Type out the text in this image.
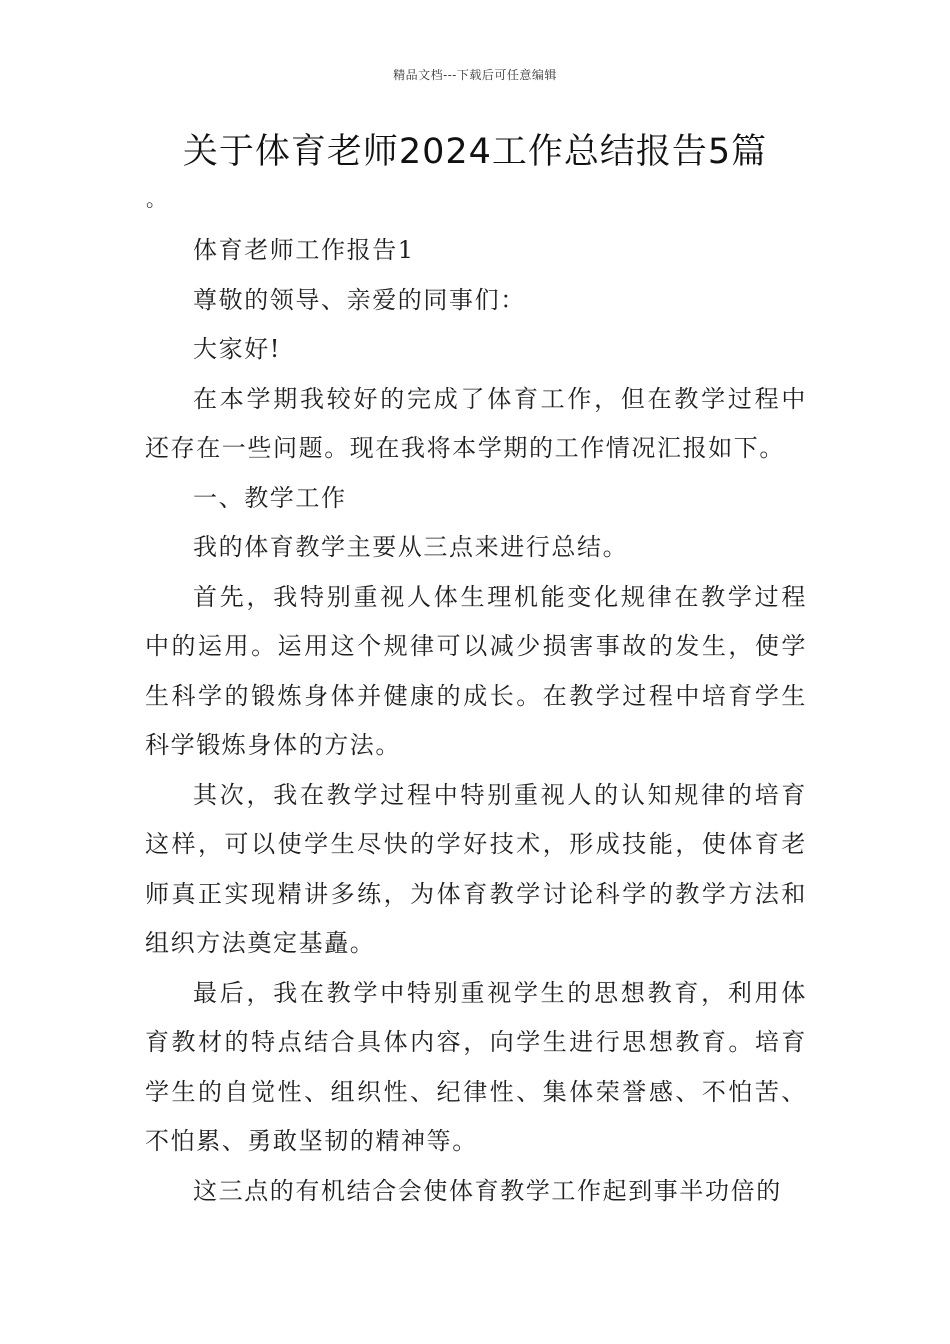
精品文档---下载后可任意编辑
关于体育老师2024工作总结报告5篇
。

体育老师工作报告1

尊敬的领导、亲爱的同事们：

大家好!

在本学期我较好的完成了体育工作，但在教学过程中还存在一些问题。现在我将本学期的工作情况汇报如下。

一、教学工作

我的体育教学主要从三点来进行总结。

首先，我特别重视人体生理机能变化规律在教学过程中的运用。运用这个规律可以减少损害事故的发生，使学生科学的锻炼身体并健康的成长。在教学过程中培育学生科学锻炼身体的方法。

其次，我在教学过程中特别重视人的认知规律的培育这样，可以使学生尽快的学好技术，形成技能，使体育老师真正实现精讲多练，为体育教学讨论科学的教学方法和组织方法奠定基矗。

最后，我在教学中特别重视学生的思想教育，利用体育教材的特点结合具体内容，向学生进行思想教育。培育学生的自觉性、组织性、纪律性、集体荣誉感、不怕苦、不怕累、勇敢坚韧的精神等。

这三点的有机结合会使体育教学工作起到事半功倍的
